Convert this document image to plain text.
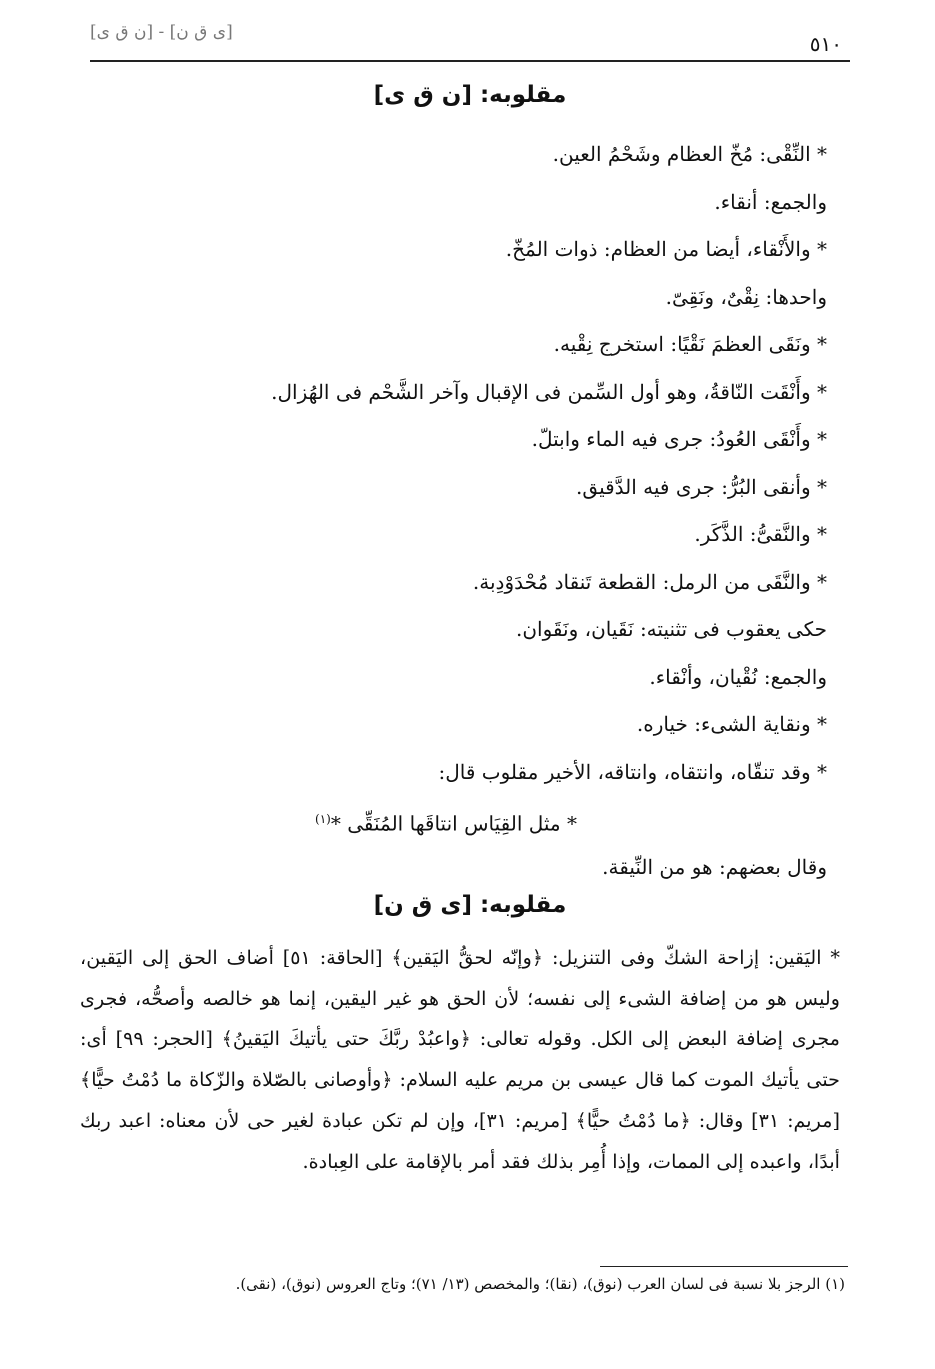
[ن ق ى] - [ى ق ن]	٥١٠
مقلوبه: [ن ق ى]
* النِّقْى: مُخّ العظام وشَحْمُ العين.
والجمع: أنقاء.
* والأَنْقاء، أيضا من العظام: ذوات المُخّ.
واحدها: نِقْىٌ، ونَقِىّ.
* ونَقَى العظمَ نَقْيًا: استخرج نِقْيه.
* وأَنْقَت النّاقةُ، وهو أول السِّمن فى الإقبال وآخر الشَّحْم فى الهُزال.
* وأَنْقَى العُودُ: جرى فيه الماء وابتلّ.
* وأنقى البُرُّ: جرى فيه الدَّقيق.
* والنَّقىُّ: الذَّكَر.
* والنَّقَى من الرمل: القطعة تَنقاد مُحْدَوْدِبة.
حكى يعقوب فى تثنيته: نَقَيان، ونَقَوان.
والجمع: نُقْيان، وأنْقاء.
* ونقاية الشىء: خياره.
* وقد تنقّاه، وانتقاه، وانتاقه، الأخير مقلوب قال:
* مثل القِيَاس انتاقَها المُنَقِّى *$^{(١)}$
وقال بعضهم: هو من النِّيقة.
مقلوبه: [ى ق ن]
* اليَقين: إزاحة الشكّ وفى التنزيل: ﴿وإنّه لحقُّ اليَقين﴾ [الحاقة: ٥١] أضاف الحق إلى اليَقين، وليس هو من إضافة الشىء إلى نفسه؛ لأن الحق هو غير اليقين، إنما هو خالصه وأصحُّه، فجرى مجرى إضافة البعض إلى الكل. وقوله تعالى: ﴿واعبُدْ ربَّكَ حتى يأتيكَ اليَقينُ﴾ [الحجر: ٩٩] أى: حتى يأتيك الموت كما قال عيسى بن مريم عليه السلام: ﴿وأوصانى بالصّلاة والزّكاة ما دُمْتُ حيًّا﴾ [مريم: ٣١] وقال: ﴿ما دُمْتُ حيًّا﴾ [مريم: ٣١]، وإن لم تكن عبادة لغير حى لأن معناه: اعبد ربك أبدًا، واعبده إلى الممات، وإذا أُمِر بذلك فقد أمر بالإقامة على العِبادة.
(١) الرجز بلا نسبة فى لسان العرب (نوق)، (نقا)؛ والمخصص (١٣/ ٧١)؛ وتاج العروس (نوق)، (نقى).
